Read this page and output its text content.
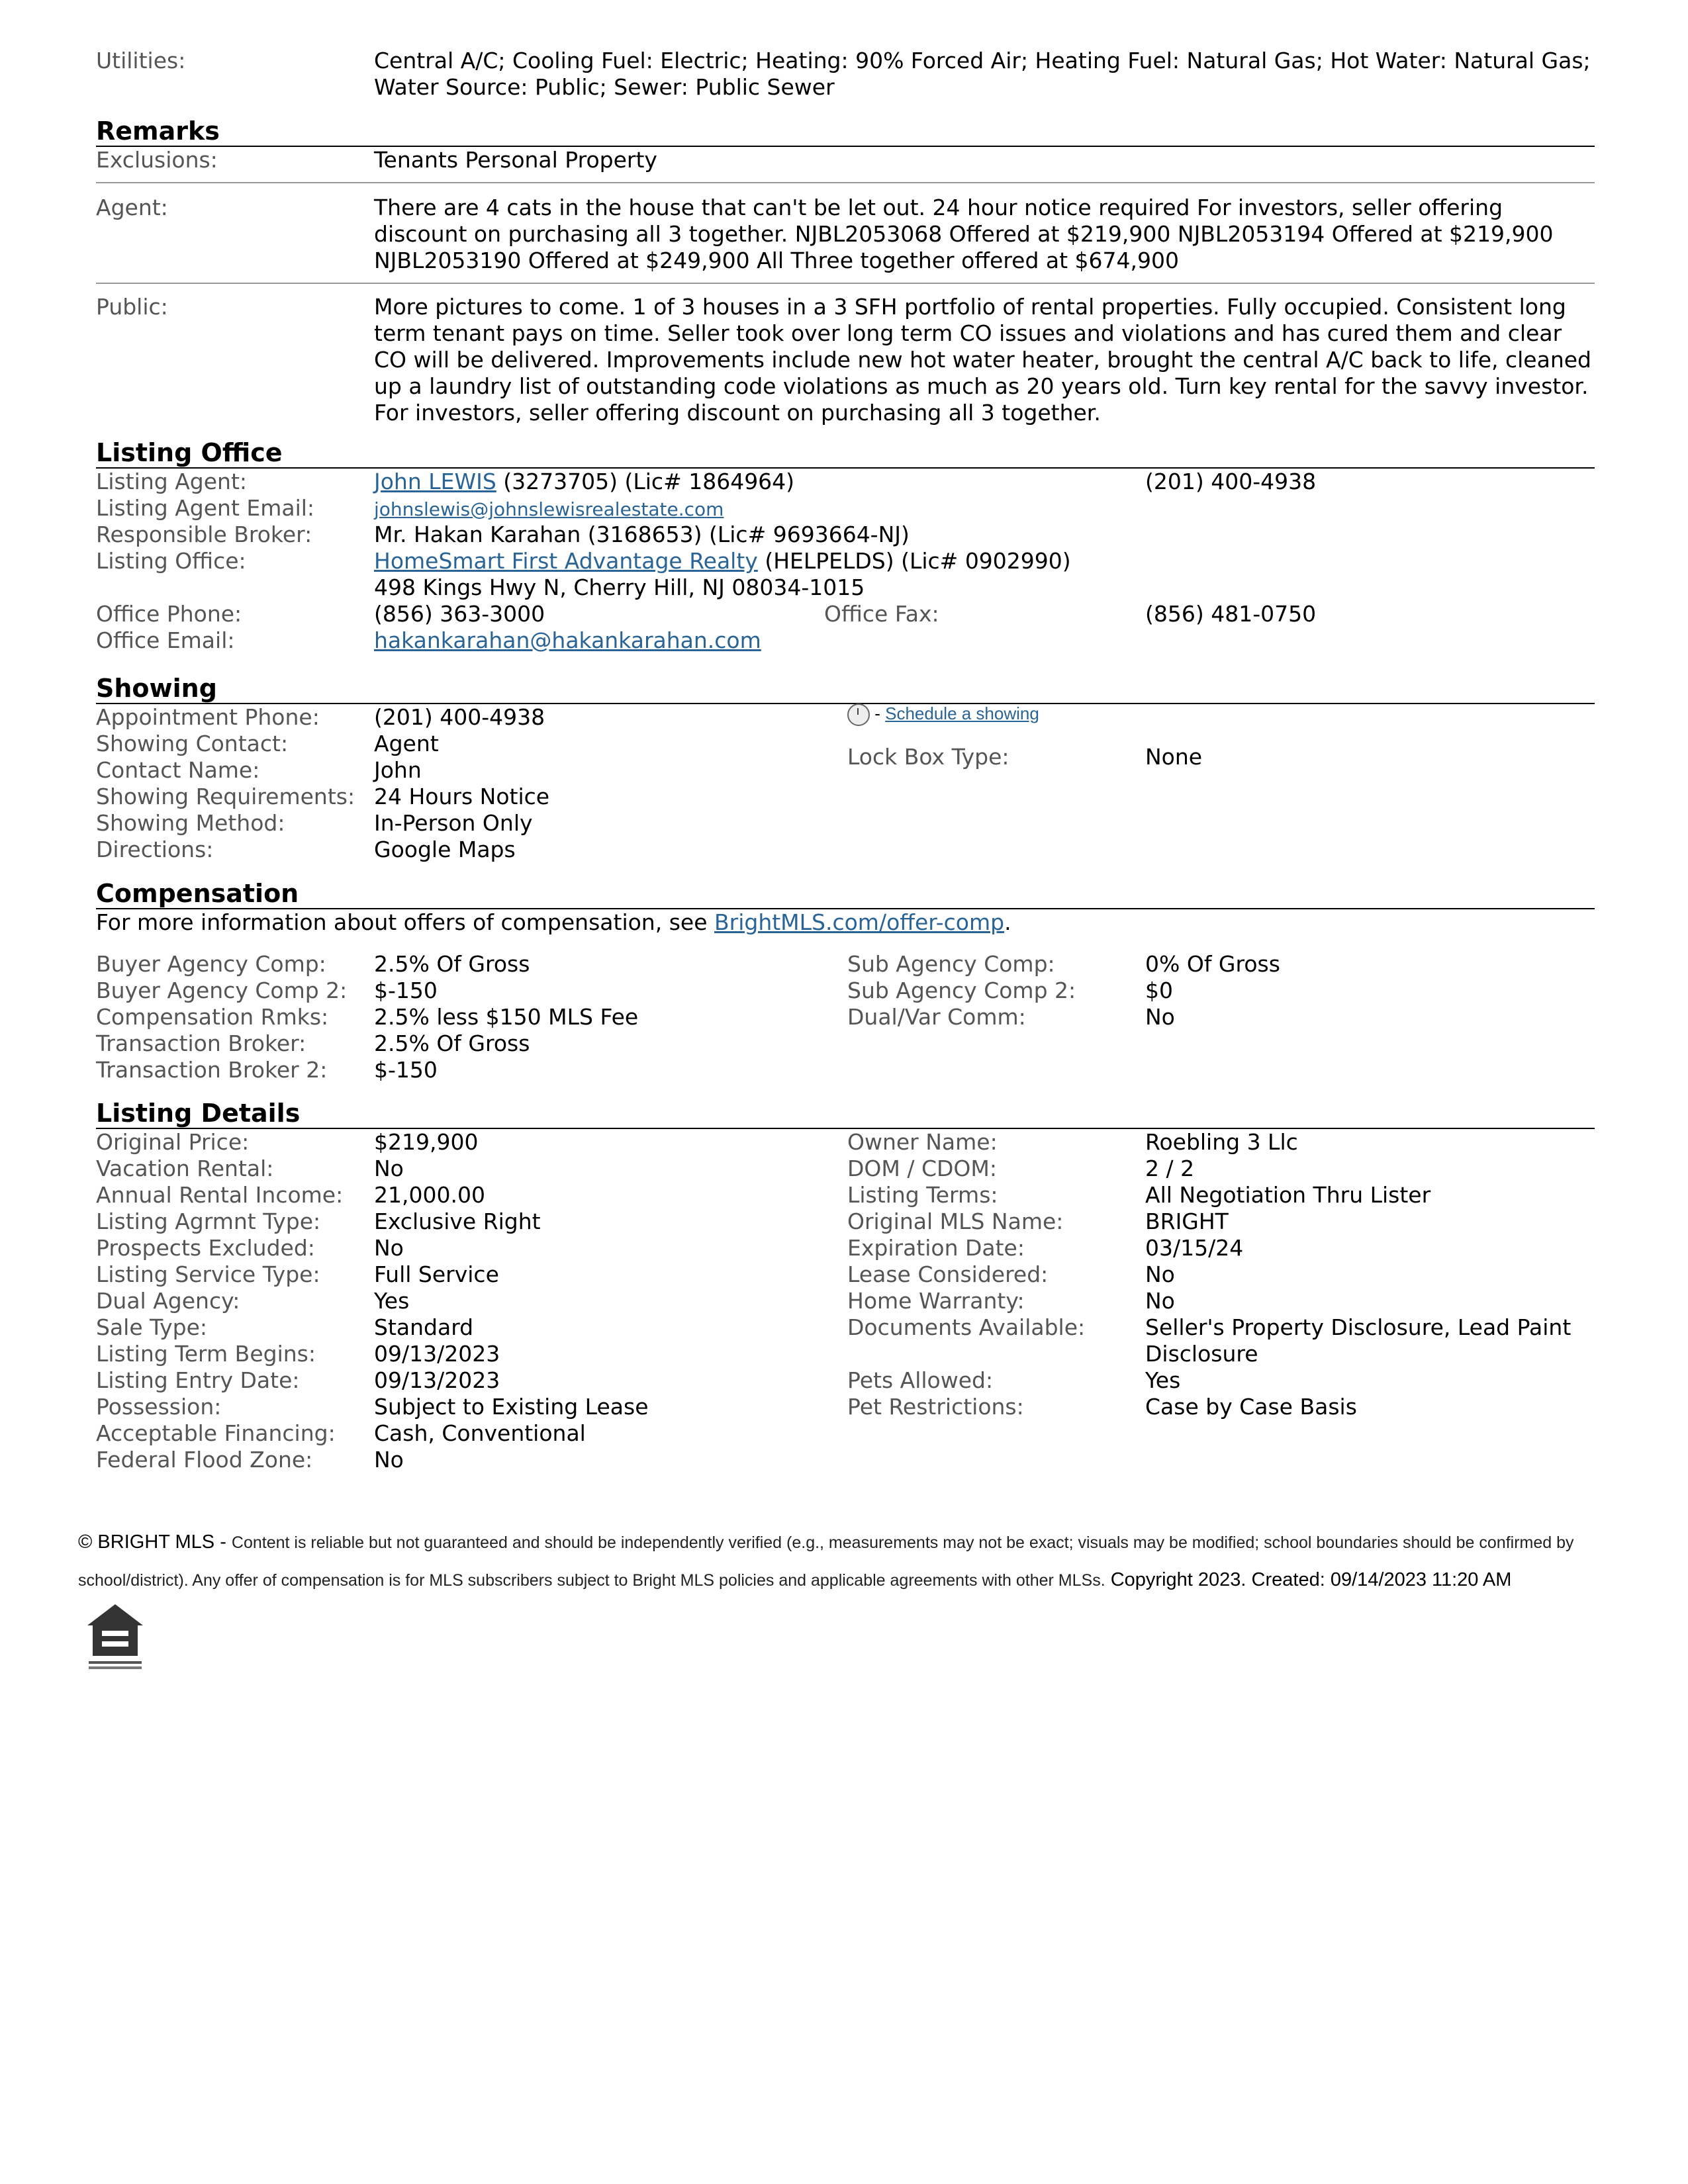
Utilities:	Central A/C; Cooling Fuel: Electric; Heating: 90% Forced Air; Heating Fuel: Natural Gas; Hot Water: Natural Gas; Water Source: Public; Sewer: Public Sewer
Remarks
Exclusions:	Tenants Personal Property
Agent:	There are 4 cats in the house that can't be let out. 24 hour notice required For investors, seller offering discount on purchasing all 3 together. NJBL2053068 Offered at $219,900 NJBL2053194 Offered at $219,900 NJBL2053190 Offered at $249,900 All Three together offered at $674,900
Public:	More pictures to come. 1 of 3 houses in a 3 SFH portfolio of rental properties. Fully occupied. Consistent long term tenant pays on time. Seller took over long term CO issues and violations and has cured them and clear CO will be delivered. Improvements include new hot water heater, brought the central A/C back to life, cleaned up a laundry list of outstanding code violations as much as 20 years old. Turn key rental for the savvy investor. For investors, seller offering discount on purchasing all 3 together.
Listing Office
Listing Agent:	John LEWIS (3273705) (Lic# 1864964)	(201) 400-4938
Listing Agent Email:	johnslewis@johnslewisrealestate.com
Responsible Broker:	Mr. Hakan Karahan (3168653) (Lic# 9693664-NJ)
Listing Office:	HomeSmart First Advantage Realty (HELPELDS) (Lic# 0902990)
498 Kings Hwy N, Cherry Hill, NJ 08034-1015
Office Phone:	(856) 363-3000	Office Fax:	(856) 481-0750
Office Email:	hakankarahan@hakankarahan.com
Showing
Appointment Phone: (201) 400-4938	- Schedule a showing
Showing Contact:	Agent
Lock Box Type:	None
Contact Name:	John
Showing Requirements: 24 Hours Notice
Showing Method:	In-Person Only
Directions:	Google Maps
Compensation
For more information about offers of compensation, see BrightMLS.com/offer-comp.
Buyer Agency Comp: 2.5% Of Gross
Buyer Agency Comp 2: $-150
Compensation Rmks: 2.5% less $150 MLS Fee
Transaction Broker:	2.5% Of Gross
Transaction Broker 2: $-150
Sub Agency Comp:	0% Of Gross
Sub Agency Comp 2:	$0
Dual/Var Comm:	No
Listing Details
Original Price:	$219,900
Vacation Rental:	No
Annual Rental Income: 21,000.00
Listing Agrmnt Type: Exclusive Right
Prospects Excluded:	No
Listing Service Type: Full Service
Dual Agency:	Yes
Sale Type:	Standard
Listing Term Begins:	09/13/2023
Listing Entry Date:	09/13/2023
Possession:	Subject to Existing Lease
Acceptable Financing: Cash, Conventional
Federal Flood Zone:	No
Owner Name:	Roebling 3 Llc
DOM / CDOM:	2 / 2
Listing Terms:	All Negotiation Thru Lister
Original MLS Name:	BRIGHT
Expiration Date:	03/15/24
Lease Considered:	No
Home Warranty:	No
Documents Available:	Seller's Property Disclosure, Lead Paint
Disclosure
Pets Allowed:	Yes
Pet Restrictions:	Case by Case Basis
© BRIGHT MLS - Content is reliable but not guaranteed and should be independently verified (e.g., measurements may not be exact; visuals may be modified; school boundaries should be confirmed by
school/district). Any offer of compensation is for MLS subscribers subject to Bright MLS policies and applicable agreements with other MLSs. Copyright 2023. Created: 09/14/2023 11:20 AM
